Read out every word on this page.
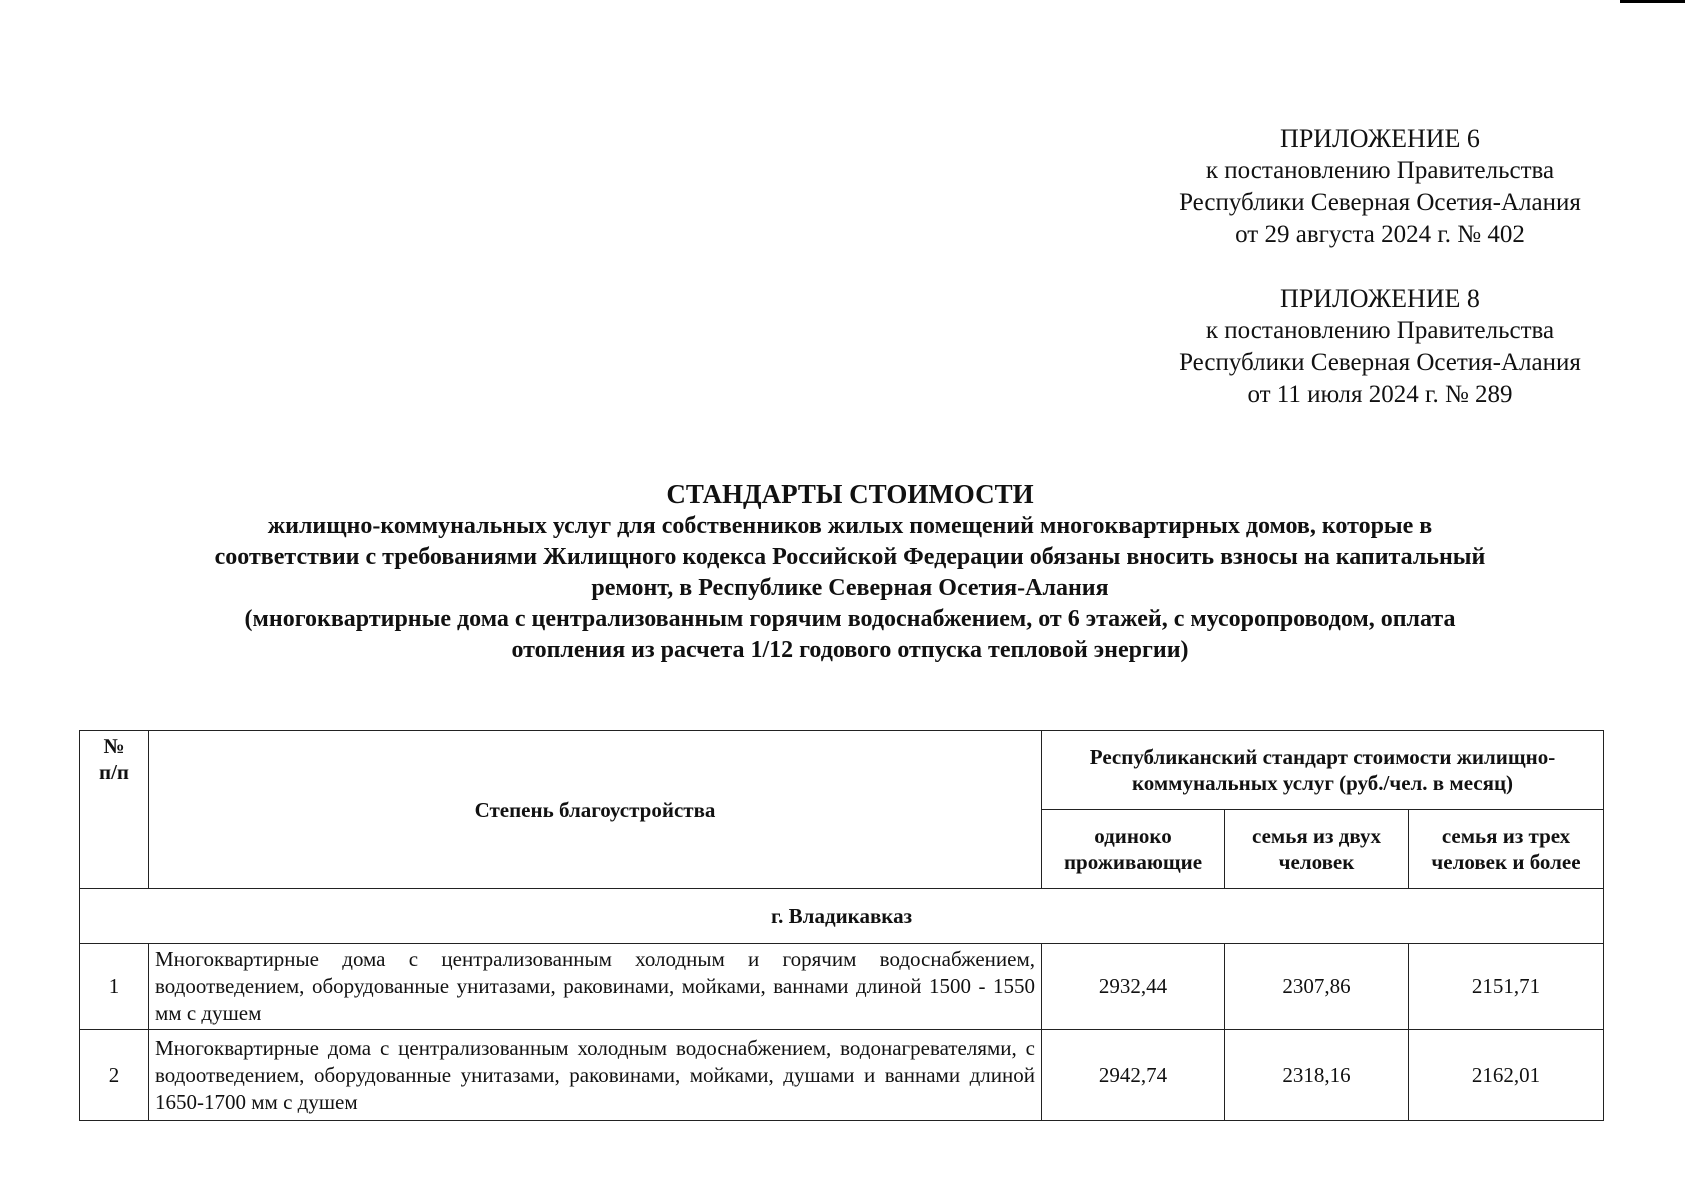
ПРИЛОЖЕНИЕ 6
к постановлению Правительства
Республики Северная Осетия-Алания
от 29 августа 2024 г. № 402
ПРИЛОЖЕНИЕ 8
к постановлению Правительства
Республики Северная Осетия-Алания
от 11 июля 2024 г. № 289
СТАНДАРТЫ СТОИМОСТИ
жилищно-коммунальных услуг для собственников жилых помещений многоквартирных домов, которые в
соответствии с требованиями Жилищного кодекса Российской Федерации обязаны вносить взносы на капитальный
ремонт, в Республике Северная Осетия-Алания
(многоквартирные дома с централизованным горячим водоснабжением, от 6 этажей, с мусоропроводом, оплата
отопления из расчета 1/12 годового отпуска тепловой энергии)
№
п/п	Степень благоустройства	Республиканский стандарт стоимости жилищно-коммунальных услуг (руб./чел. в месяц)		
		одиноко проживающие	семья из двух человек	семья из трех человек и более
г. Владикавказ				
1	Многоквартирные дома с централизованным холодным и горячим водоснабжением, водоотведением, оборудованные унитазами, раковинами, мойками, ваннами длиной 1500 - 1550 мм с душем	2932,44	2307,86	2151,71
2	Многоквартирные дома с централизованным холодным водоснабжением, водонагревателями, с водоотведением, оборудованные унитазами, раковинами, мойками, душами и ваннами длиной 1650-1700 мм с душем	2942,74	2318,16	2162,01
